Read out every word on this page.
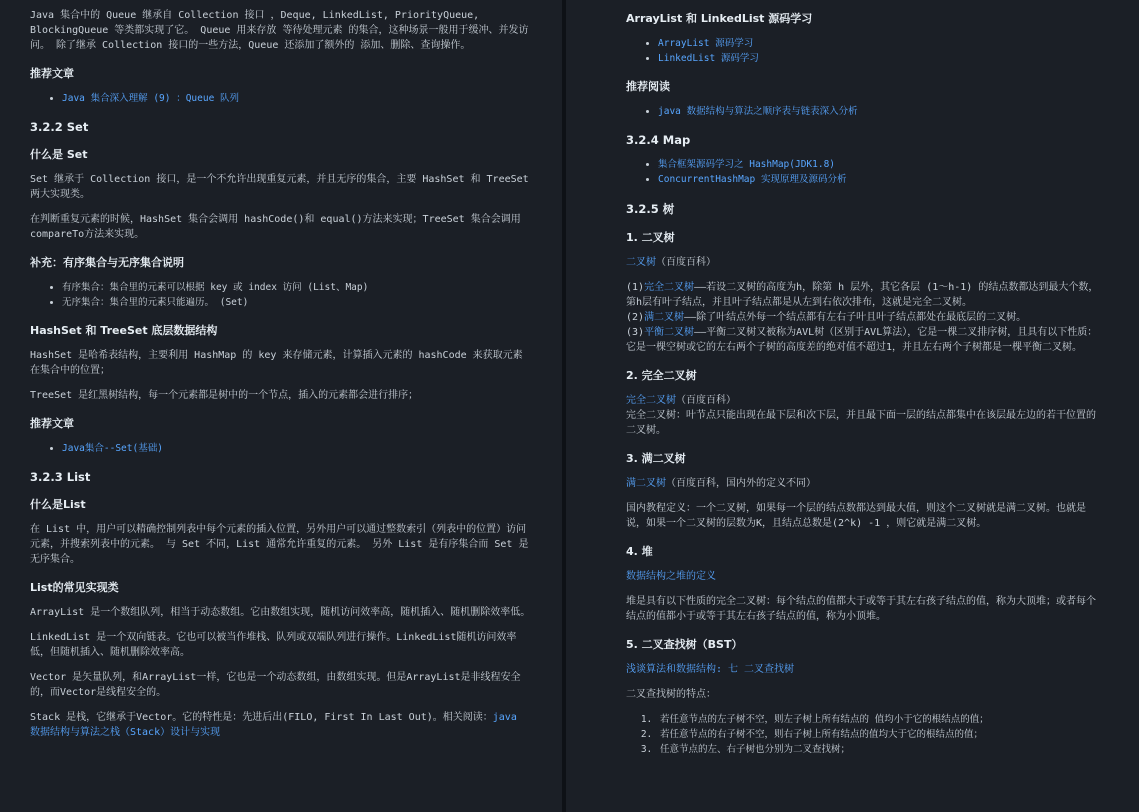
Java 集合中的 Queue 继承自 Collection 接口 ，Deque, LinkedList, PriorityQueue, BlockingQueue 等类都实现了它。 Queue 用来存放 等待处理元素 的集合，这种场景一般用于缓冲、并发访问。 除了继承 Collection 接口的一些方法，Queue 还添加了额外的 添加、删除、查询操作。

推荐文章
• Java 集合深入理解 (9) ：Queue 队列
3.2.2 Set
什么是 Set

Set 继承于 Collection 接口，是一个不允许出现重复元素，并且无序的集合，主要 HashSet 和 TreeSet 两大实现类。

在判断重复元素的时候，HashSet 集合会调用 hashCode()和 equal()方法来实现；TreeSet 集合会调用compareTo方法来实现。

补充：有序集合与无序集合说明
• 有序集合：集合里的元素可以根据 key 或 index 访问 (List、Map)
• 无序集合：集合里的元素只能遍历。 (Set)
HashSet 和 TreeSet 底层数据结构

HashSet 是哈希表结构，主要利用 HashMap 的 key 来存储元素，计算插入元素的 hashCode 来获取元素在集合中的位置；

TreeSet 是红黑树结构，每一个元素都是树中的一个节点，插入的元素都会进行排序；

推荐文章
• Java集合--Set(基础)
3.2.3 List
什么是List

在 List 中，用户可以精确控制列表中每个元素的插入位置，另外用户可以通过整数索引（列表中的位置）访问元素，并搜索列表中的元素。 与 Set 不同，List 通常允许重复的元素。 另外 List 是有序集合而 Set 是无序集合。

List的常见实现类

ArrayList 是一个数组队列，相当于动态数组。它由数组实现，随机访问效率高，随机插入、随机删除效率低。

LinkedList 是一个双向链表。它也可以被当作堆栈、队列或双端队列进行操作。LinkedList随机访问效率低，但随机插入、随机删除效率高。

Vector 是矢量队列，和ArrayList一样，它也是一个动态数组，由数组实现。但是ArrayList是非线程安全的，而Vector是线程安全的。

Stack 是栈，它继承于Vector。它的特性是：先进后出(FILO, First In Last Out)。相关阅读：java 数据结构与算法之栈（Stack）设计与实现

ArrayList 和 LinkedList 源码学习
• ArrayList 源码学习
• LinkedList 源码学习
推荐阅读
• java 数据结构与算法之顺序表与链表深入分析
3.2.4 Map
• 集合框架源码学习之 HashMap(JDK1.8)
• ConcurrentHashMap 实现原理及源码分析
3.2.5 树
1. 二叉树

二叉树（百度百科）

(1)完全二叉树——若设二叉树的高度为h，除第 h 层外，其它各层 (1～h-1) 的结点数都达到最大个数，第h层有叶子结点，并且叶子结点都是从左到右依次排布，这就是完全二叉树。
(2)满二叉树——除了叶结点外每一个结点都有左右子叶且叶子结点都处在最底层的二叉树。
(3)平衡二叉树——平衡二叉树又被称为AVL树（区别于AVL算法），它是一棵二叉排序树，且具有以下性质：它是一棵空树或它的左右两个子树的高度差的绝对值不超过1，并且左右两个子树都是一棵平衡二叉树。

2. 完全二叉树

完全二叉树（百度百科）
完全二叉树：叶节点只能出现在最下层和次下层，并且最下面一层的结点都集中在该层最左边的若干位置的二叉树。

3. 满二叉树

满二叉树（百度百科，国内外的定义不同）

国内教程定义：一个二叉树，如果每一个层的结点数都达到最大值，则这个二叉树就是满二叉树。也就是说，如果一个二叉树的层数为K，且结点总数是(2^k) -1 ，则它就是满二叉树。

4. 堆

数据结构之堆的定义

堆是具有以下性质的完全二叉树：每个结点的值都大于或等于其左右孩子结点的值，称为大顶堆；或者每个结点的值都小于或等于其左右孩子结点的值，称为小顶堆。

5. 二叉查找树（BST）

浅谈算法和数据结构: 七 二叉查找树

二叉查找树的特点：

1. 若任意节点的左子树不空，则左子树上所有结点的 值均小于它的根结点的值；
2. 若任意节点的右子树不空，则右子树上所有结点的值均大于它的根结点的值；
3. 任意节点的左、右子树也分别为二叉查找树；
